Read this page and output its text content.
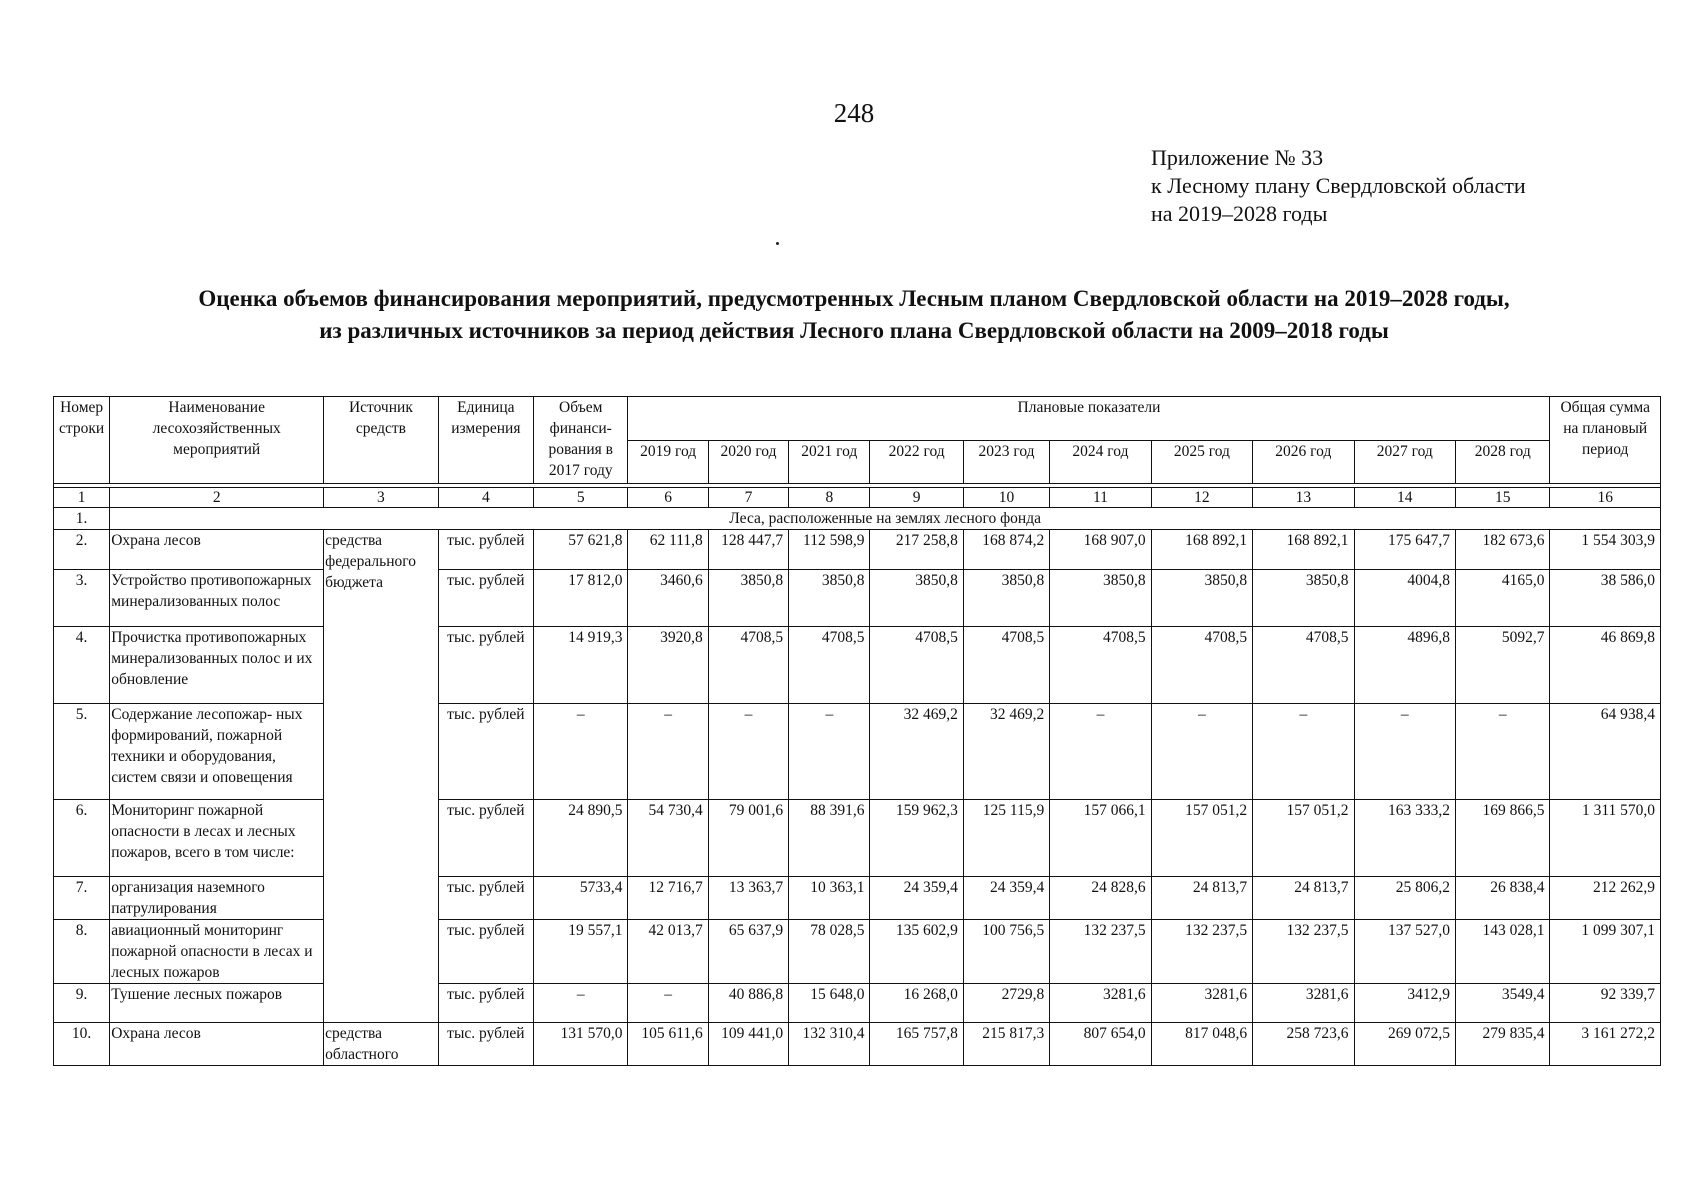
248
Приложение № 33
к Лесному плану Свердловской области
на 2019–2028 годы
Оценка объемов финансирования мероприятий, предусмотренных Лесным планом Свердловской области на 2019–2028 годы,
из различных источников за период действия Лесного плана Свердловской области на 2009–2018 годы
Номер строки	Наименование лесохозяйственных мероприятий	Источник средств	Единица измерения	Объем финанси- рования в 2017 году	Плановые показатели										Общая сумма на плановый период
					2019 год	2020 год	2021 год	2022 год	2023 год	2024 год	2025 год	2026 год	2027 год	2028 год	

1	2	3	4	5	6	7	8	9	10	11	12	13	14	15	16
1.	Леса, расположенные на землях лесного фонда														
2.	Охрана лесов	средства федерального бюджета	тыс. рублей	57 621,8	62 111,8	128 447,7	112 598,9	217 258,8	168 874,2	168 907,0	168 892,1	168 892,1	175 647,7	182 673,6	1 554 303,9
3.	Устройство противопожарных минерализованных полос		тыс. рублей	17 812,0	3460,6	3850,8	3850,8	3850,8	3850,8	3850,8	3850,8	3850,8	4004,8	4165,0	38 586,0
4.	Прочистка противопожарных минерализованных полос и их обновление		тыс. рублей	14 919,3	3920,8	4708,5	4708,5	4708,5	4708,5	4708,5	4708,5	4708,5	4896,8	5092,7	46 869,8
5.	Содержание лесопожар- ных формирований, пожарной техники и оборудования, систем связи и оповещения		тыс. рублей	–	–	–	–	32 469,2	32 469,2	–	–	–	–	–	64 938,4
6.	Мониторинг пожарной опасности в лесах и лесных пожаров, всего в том числе:		тыс. рублей	24 890,5	54 730,4	79 001,6	88 391,6	159 962,3	125 115,9	157 066,1	157 051,2	157 051,2	163 333,2	169 866,5	1 311 570,0
7.	организация наземного патрулирования		тыс. рублей	5733,4	12 716,7	13 363,7	10 363,1	24 359,4	24 359,4	24 828,6	24 813,7	24 813,7	25 806,2	26 838,4	212 262,9
8.	авиационный мониторинг пожарной опасности в лесах и лесных пожаров		тыс. рублей	19 557,1	42 013,7	65 637,9	78 028,5	135 602,9	100 756,5	132 237,5	132 237,5	132 237,5	137 527,0	143 028,1	1 099 307,1
9.	Тушение лесных пожаров		тыс. рублей	–	–	40 886,8	15 648,0	16 268,0	2729,8	3281,6	3281,6	3281,6	3412,9	3549,4	92 339,7
10.	Охрана лесов	средства областного	тыс. рублей	131 570,0	105 611,6	109 441,0	132 310,4	165 757,8	215 817,3	807 654,0	817 048,6	258 723,6	269 072,5	279 835,4	3 161 272,2
